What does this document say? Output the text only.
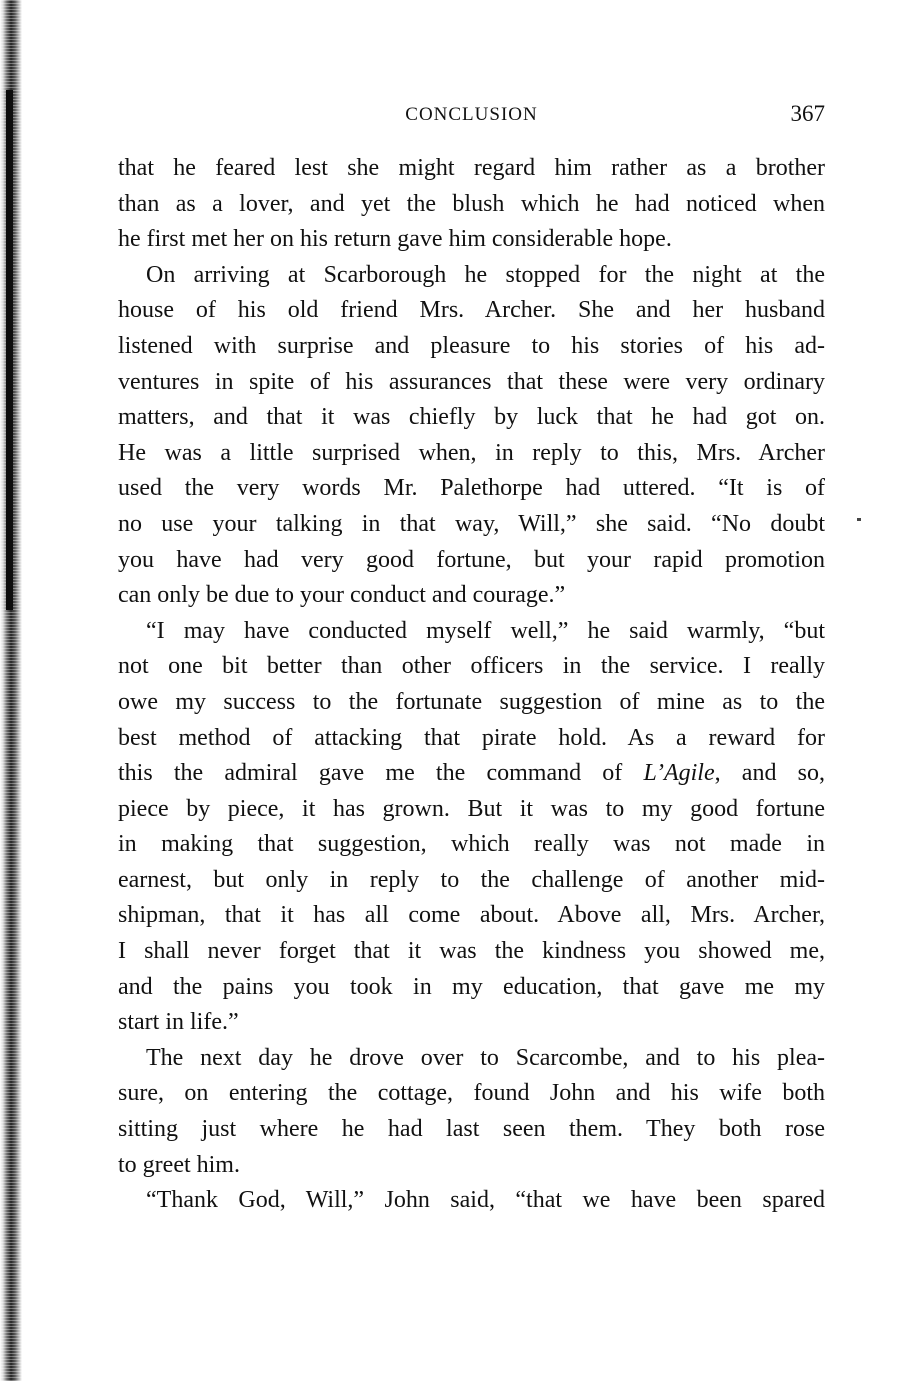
CONCLUSION	367
that he feared lest she might regard him rather as a brother
than as a lover, and yet the blush which he had noticed when
he first met her on his return gave him considerable hope.
On arriving at Scarborough he stopped for the night at the
house of his old friend Mrs. Archer. She and her husband
listened with surprise and pleasure to his stories of his ad-
ventures in spite of his assurances that these were very ordinary
matters, and that it was chiefly by luck that he had got on.
He was a little surprised when, in reply to this, Mrs. Archer
used the very words Mr. Palethorpe had uttered. “It is of
no use your talking in that way, Will,” she said. “No doubt
you have had very good fortune, but your rapid promotion
can only be due to your conduct and courage.”
“I may have conducted myself well,” he said warmly, “but
not one bit better than other officers in the service. I really
owe my success to the fortunate suggestion of mine as to the
best method of attacking that pirate hold. As a reward for
this the admiral gave me the command of L’Agile, and so,
piece by piece, it has grown. But it was to my good fortune
in making that suggestion, which really was not made in
earnest, but only in reply to the challenge of another mid-
shipman, that it has all come about. Above all, Mrs. Archer,
I shall never forget that it was the kindness you showed me,
and the pains you took in my education, that gave me my
start in life.”
The next day he drove over to Scarcombe, and to his plea-
sure, on entering the cottage, found John and his wife both
sitting just where he had last seen them. They both rose
to greet him.
“Thank God, Will,” John said, “that we have been spared
